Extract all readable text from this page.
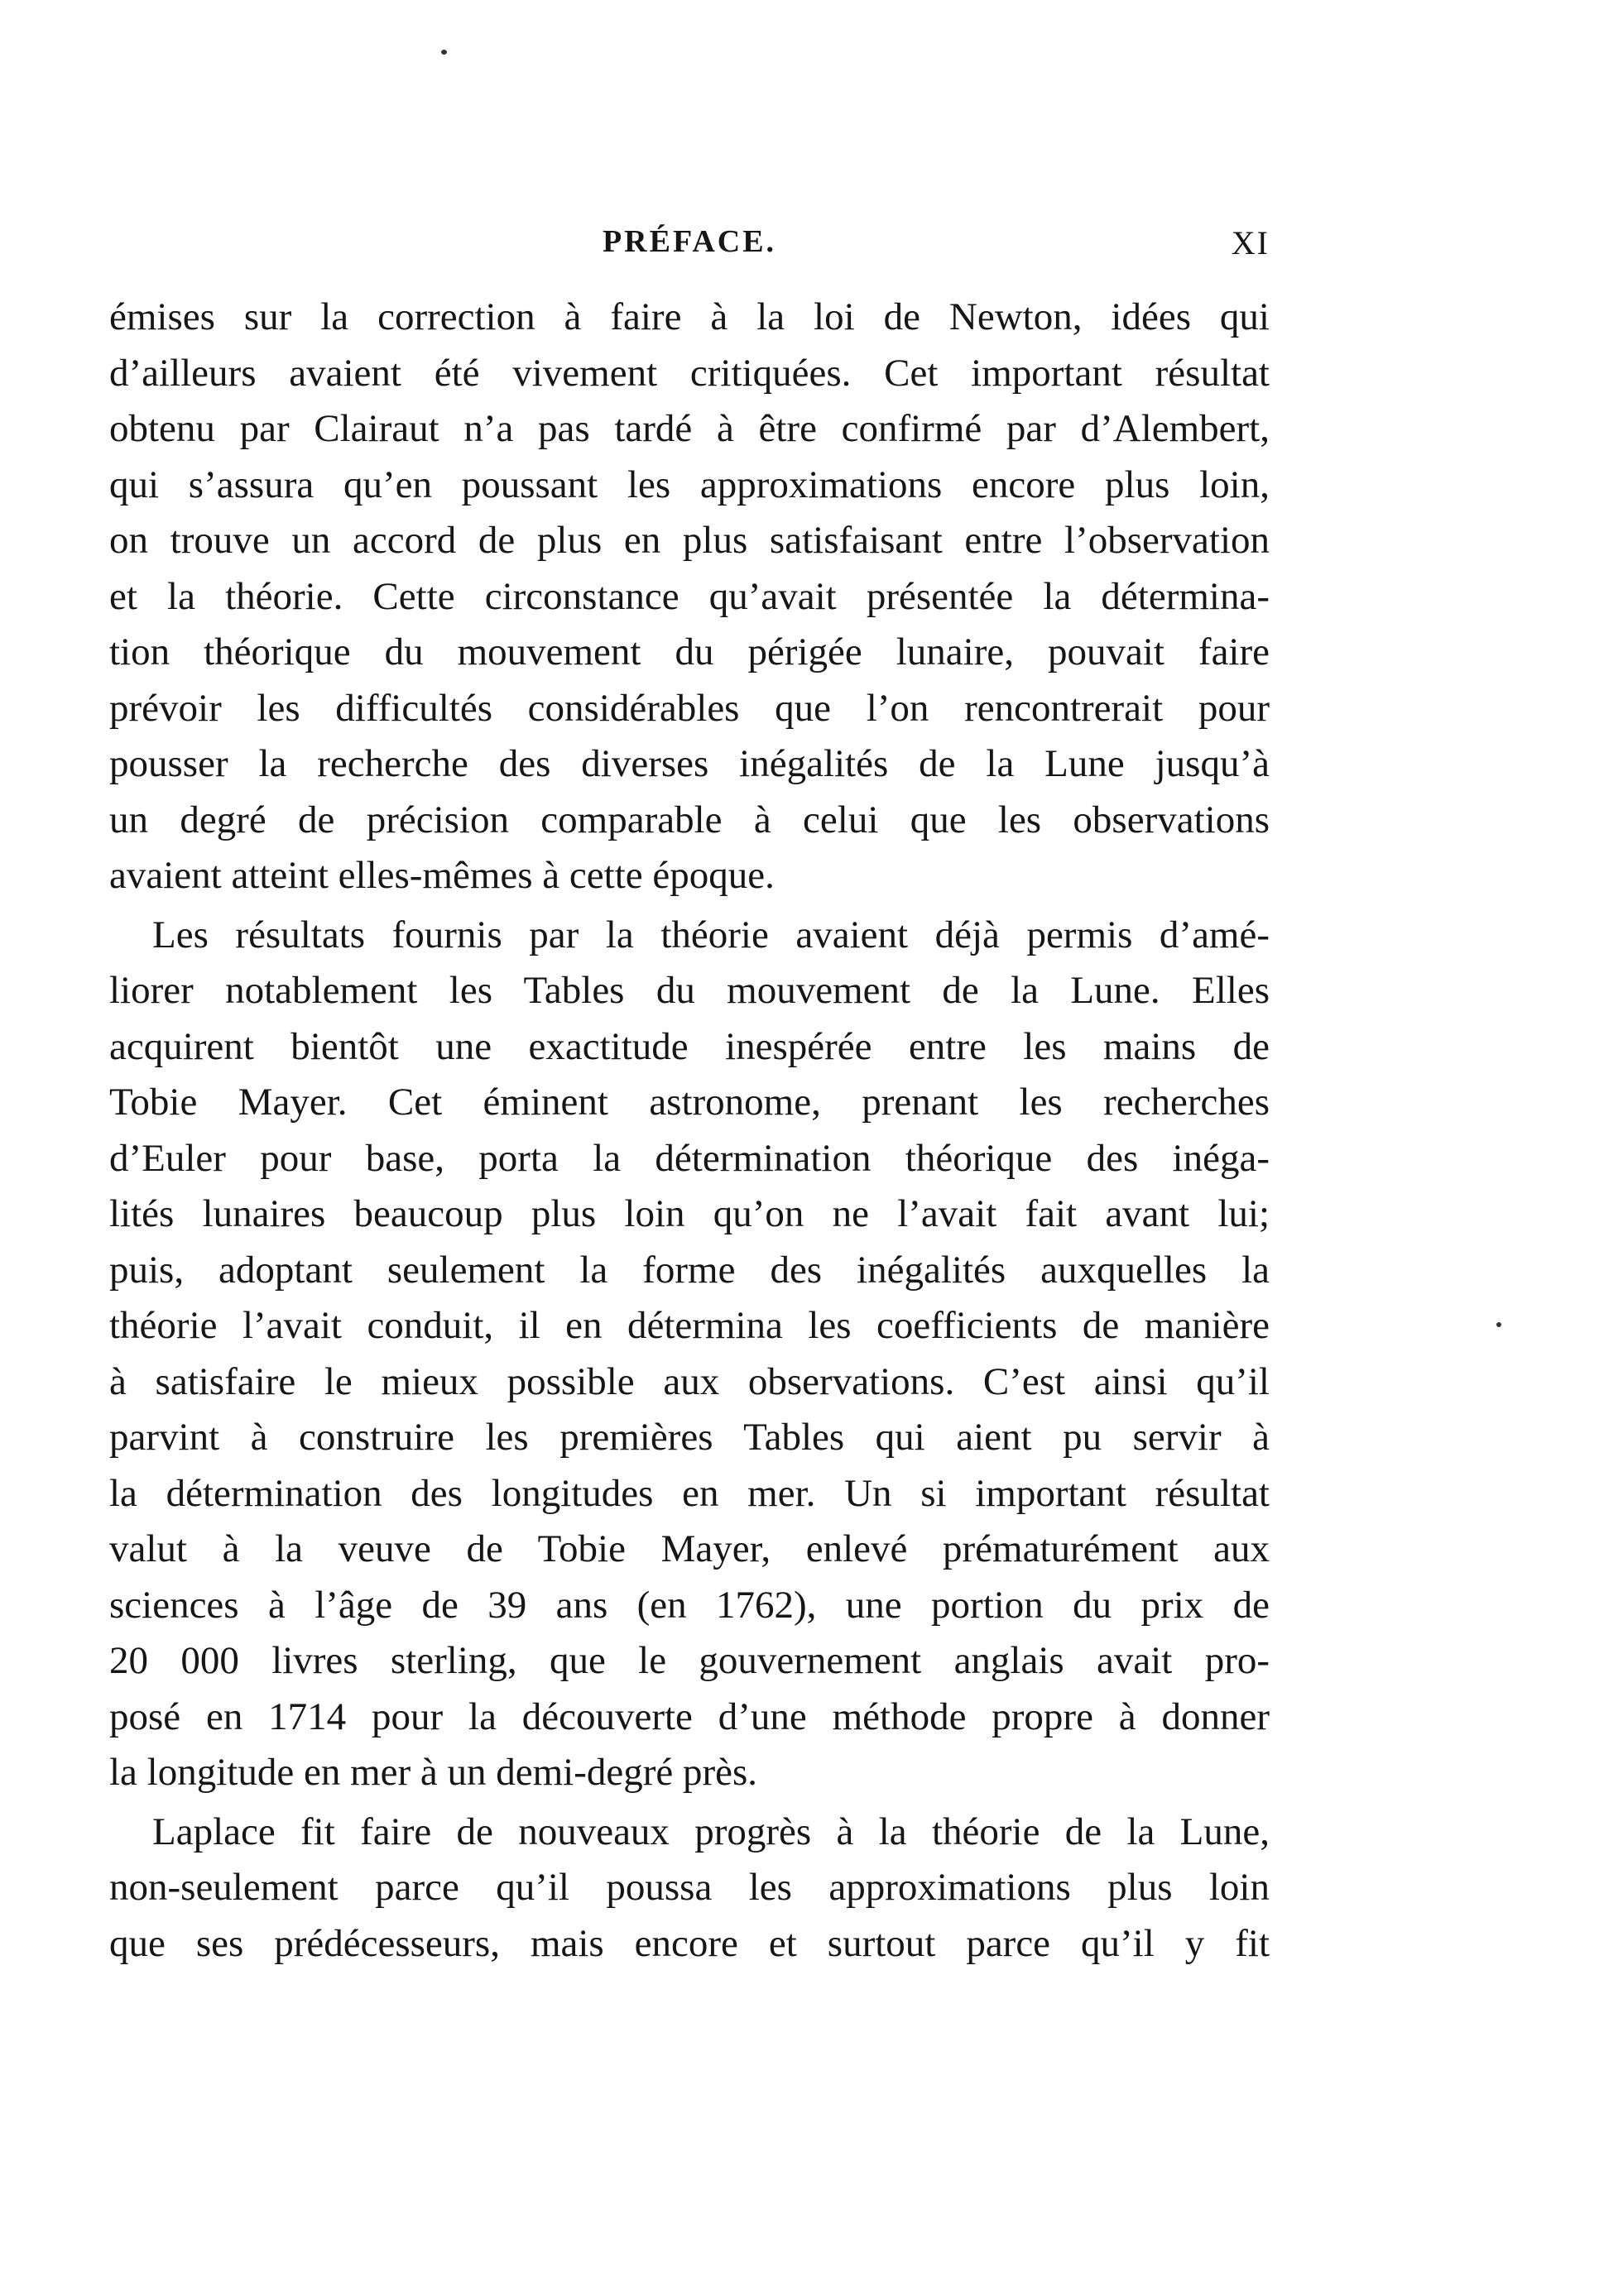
PRÉFACE.	XI
émises sur la correction à faire à la loi de Newton, idées qui
d’ailleurs avaient été vivement critiquées. Cet important résultat
obtenu par Clairaut n’a pas tardé à être confirmé par d’Alembert,
qui s’assura qu’en poussant les approximations encore plus loin,
on trouve un accord de plus en plus satisfaisant entre l’observation
et la théorie. Cette circonstance qu’avait présentée la détermina-
tion théorique du mouvement du périgée lunaire, pouvait faire
prévoir les difficultés considérables que l’on rencontrerait pour
pousser la recherche des diverses inégalités de la Lune jusqu’à
un degré de précision comparable à celui que les observations
avaient atteint elles-mêmes à cette époque.
Les résultats fournis par la théorie avaient déjà permis d’amé-
liorer notablement les Tables du mouvement de la Lune. Elles
acquirent bientôt une exactitude inespérée entre les mains de
Tobie Mayer. Cet éminent astronome, prenant les recherches
d’Euler pour base, porta la détermination théorique des inéga-
lités lunaires beaucoup plus loin qu’on ne l’avait fait avant lui;
puis, adoptant seulement la forme des inégalités auxquelles la
théorie l’avait conduit, il en détermina les coefficients de manière
à satisfaire le mieux possible aux observations. C’est ainsi qu’il
parvint à construire les premières Tables qui aient pu servir à
la détermination des longitudes en mer. Un si important résultat
valut à la veuve de Tobie Mayer, enlevé prématurément aux
sciences à l’âge de 39 ans (en 1762), une portion du prix de
20 000 livres sterling, que le gouvernement anglais avait pro-
posé en 1714 pour la découverte d’une méthode propre à donner
la longitude en mer à un demi-degré près.
Laplace fit faire de nouveaux progrès à la théorie de la Lune,
non-seulement parce qu’il poussa les approximations plus loin
que ses prédécesseurs, mais encore et surtout parce qu’il y fit
